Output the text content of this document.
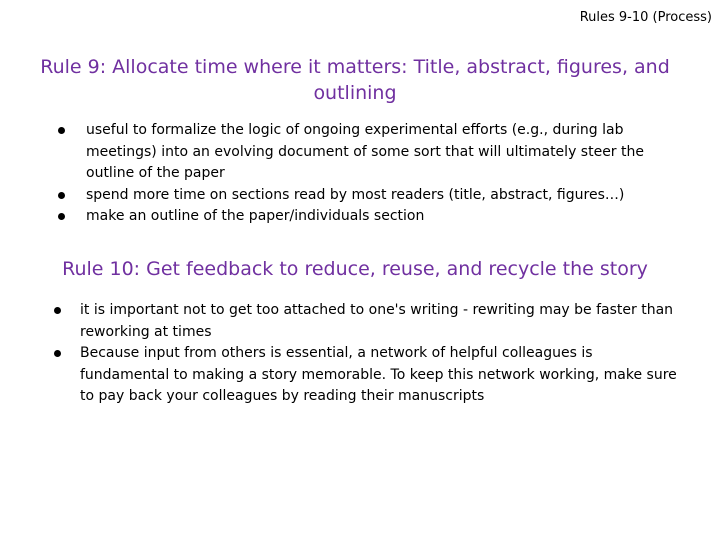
Rules 9-10 (Process)
Rule 9: Allocate time where it matters: Title, abstract, figures, and outlining
useful to formalize the logic of ongoing experimental efforts (e.g., during lab meetings) into an evolving document of some sort that will ultimately steer the outline of the paper
spend more time on sections read by most readers (title, abstract, figures…)
make an outline of the paper/individuals section
Rule 10: Get feedback to reduce, reuse, and recycle the story
it is important not to get too attached to one's writing - rewriting may be faster than reworking at times
Because input from others is essential, a network of helpful colleagues is fundamental to making a story memorable. To keep this network working, make sure to pay back your colleagues by reading their manuscripts
